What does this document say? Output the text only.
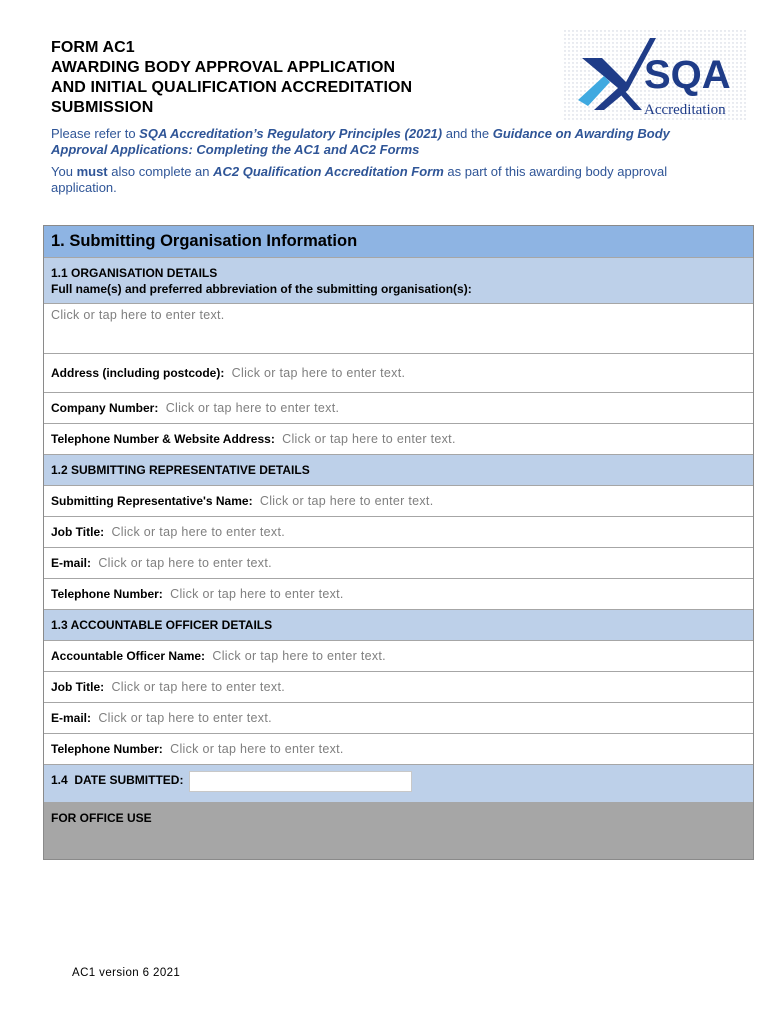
FORM AC1
AWARDING BODY APPROVAL APPLICATION
AND INITIAL QUALIFICATION ACCREDITATION
SUBMISSION
SQA
Accreditation
Please refer to SQA Accreditation’s Regulatory Principles (2021) and the Guidance on Awarding Body Approval Applications: Completing the AC1 and AC2 Forms
You must also complete an AC2 Qualification Accreditation Form as part of this awarding body approval application.
1. Submitting Organisation Information
1.1 ORGANISATION DETAILS
Full name(s) and preferred abbreviation of the submitting organisation(s):
Click or tap here to enter text.
Address (including postcode): Click or tap here to enter text.
Company Number: Click or tap here to enter text.
Telephone Number & Website Address: Click or tap here to enter text.
1.2 SUBMITTING REPRESENTATIVE DETAILS
Submitting Representative's Name: Click or tap here to enter text.
Job Title: Click or tap here to enter text.
E-mail: Click or tap here to enter text.
Telephone Number: Click or tap here to enter text.
1.3 ACCOUNTABLE OFFICER DETAILS
Accountable Officer Name: Click or tap here to enter text.
Job Title: Click or tap here to enter text.
E-mail: Click or tap here to enter text.
Telephone Number: Click or tap here to enter text.
1.4  DATE SUBMITTED:
FOR OFFICE USE
AC1 version 6 2021
